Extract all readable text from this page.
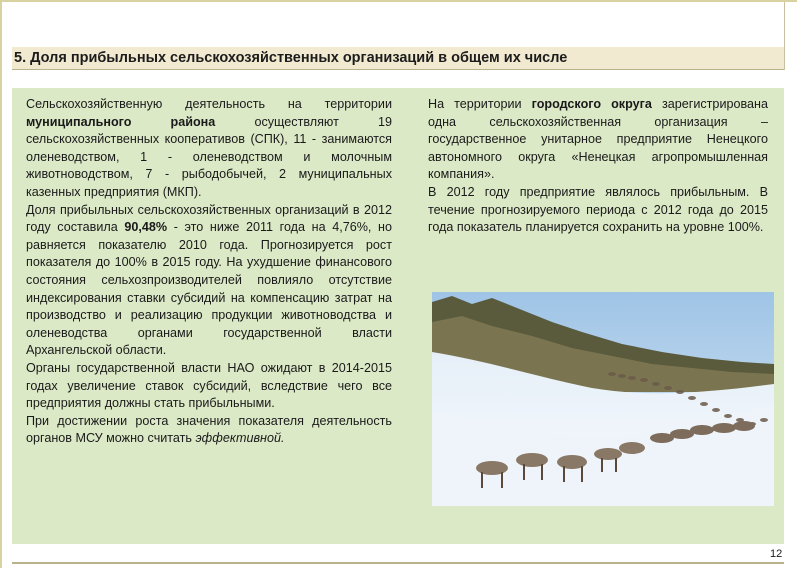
5. Доля прибыльных сельскохозяйственных организаций в общем их числе

Сельскохозяйственную деятельность на территории муниципального района осуществляют 19 сельскохозяйственных кооперативов (СПК), 11 - занимаются оленеводством, 1 - оленеводством и молочным животноводством, 7 - рыбодобычей, 2 муниципальных казенных предприятия (МКП).

Доля прибыльных сельскохозяйственных организаций в 2012 году составила 90,48% - это ниже 2011 года на 4,76%, но равняется показателю 2010 года. Прогнозируется рост показателя до 100% в 2015 году. На ухудшение финансового состояния сельхозпроизводителей повлияло отсутствие индексирования ставки субсидий на компенсацию затрат на производство и реализацию продукции животноводства и оленеводства органами государственной власти Архангельской области.

Органы государственной власти НАО ожидают в 2014-2015 годах увеличение ставок субсидий, вследствие чего все предприятия должны стать прибыльными.

При достижении роста значения показателя деятельность органов МСУ можно считать эффективной.

На территории городского округа зарегистрирована одна сельскохозяйственная организация – государственное унитарное предприятие Ненецкого автономного округа «Ненецкая агропромышленная компания».

В 2012 году предприятие являлось прибыльным. В течение прогнозируемого периода с 2012 года до 2015 года показатель планируется сохранить на уровне 100%.

12
